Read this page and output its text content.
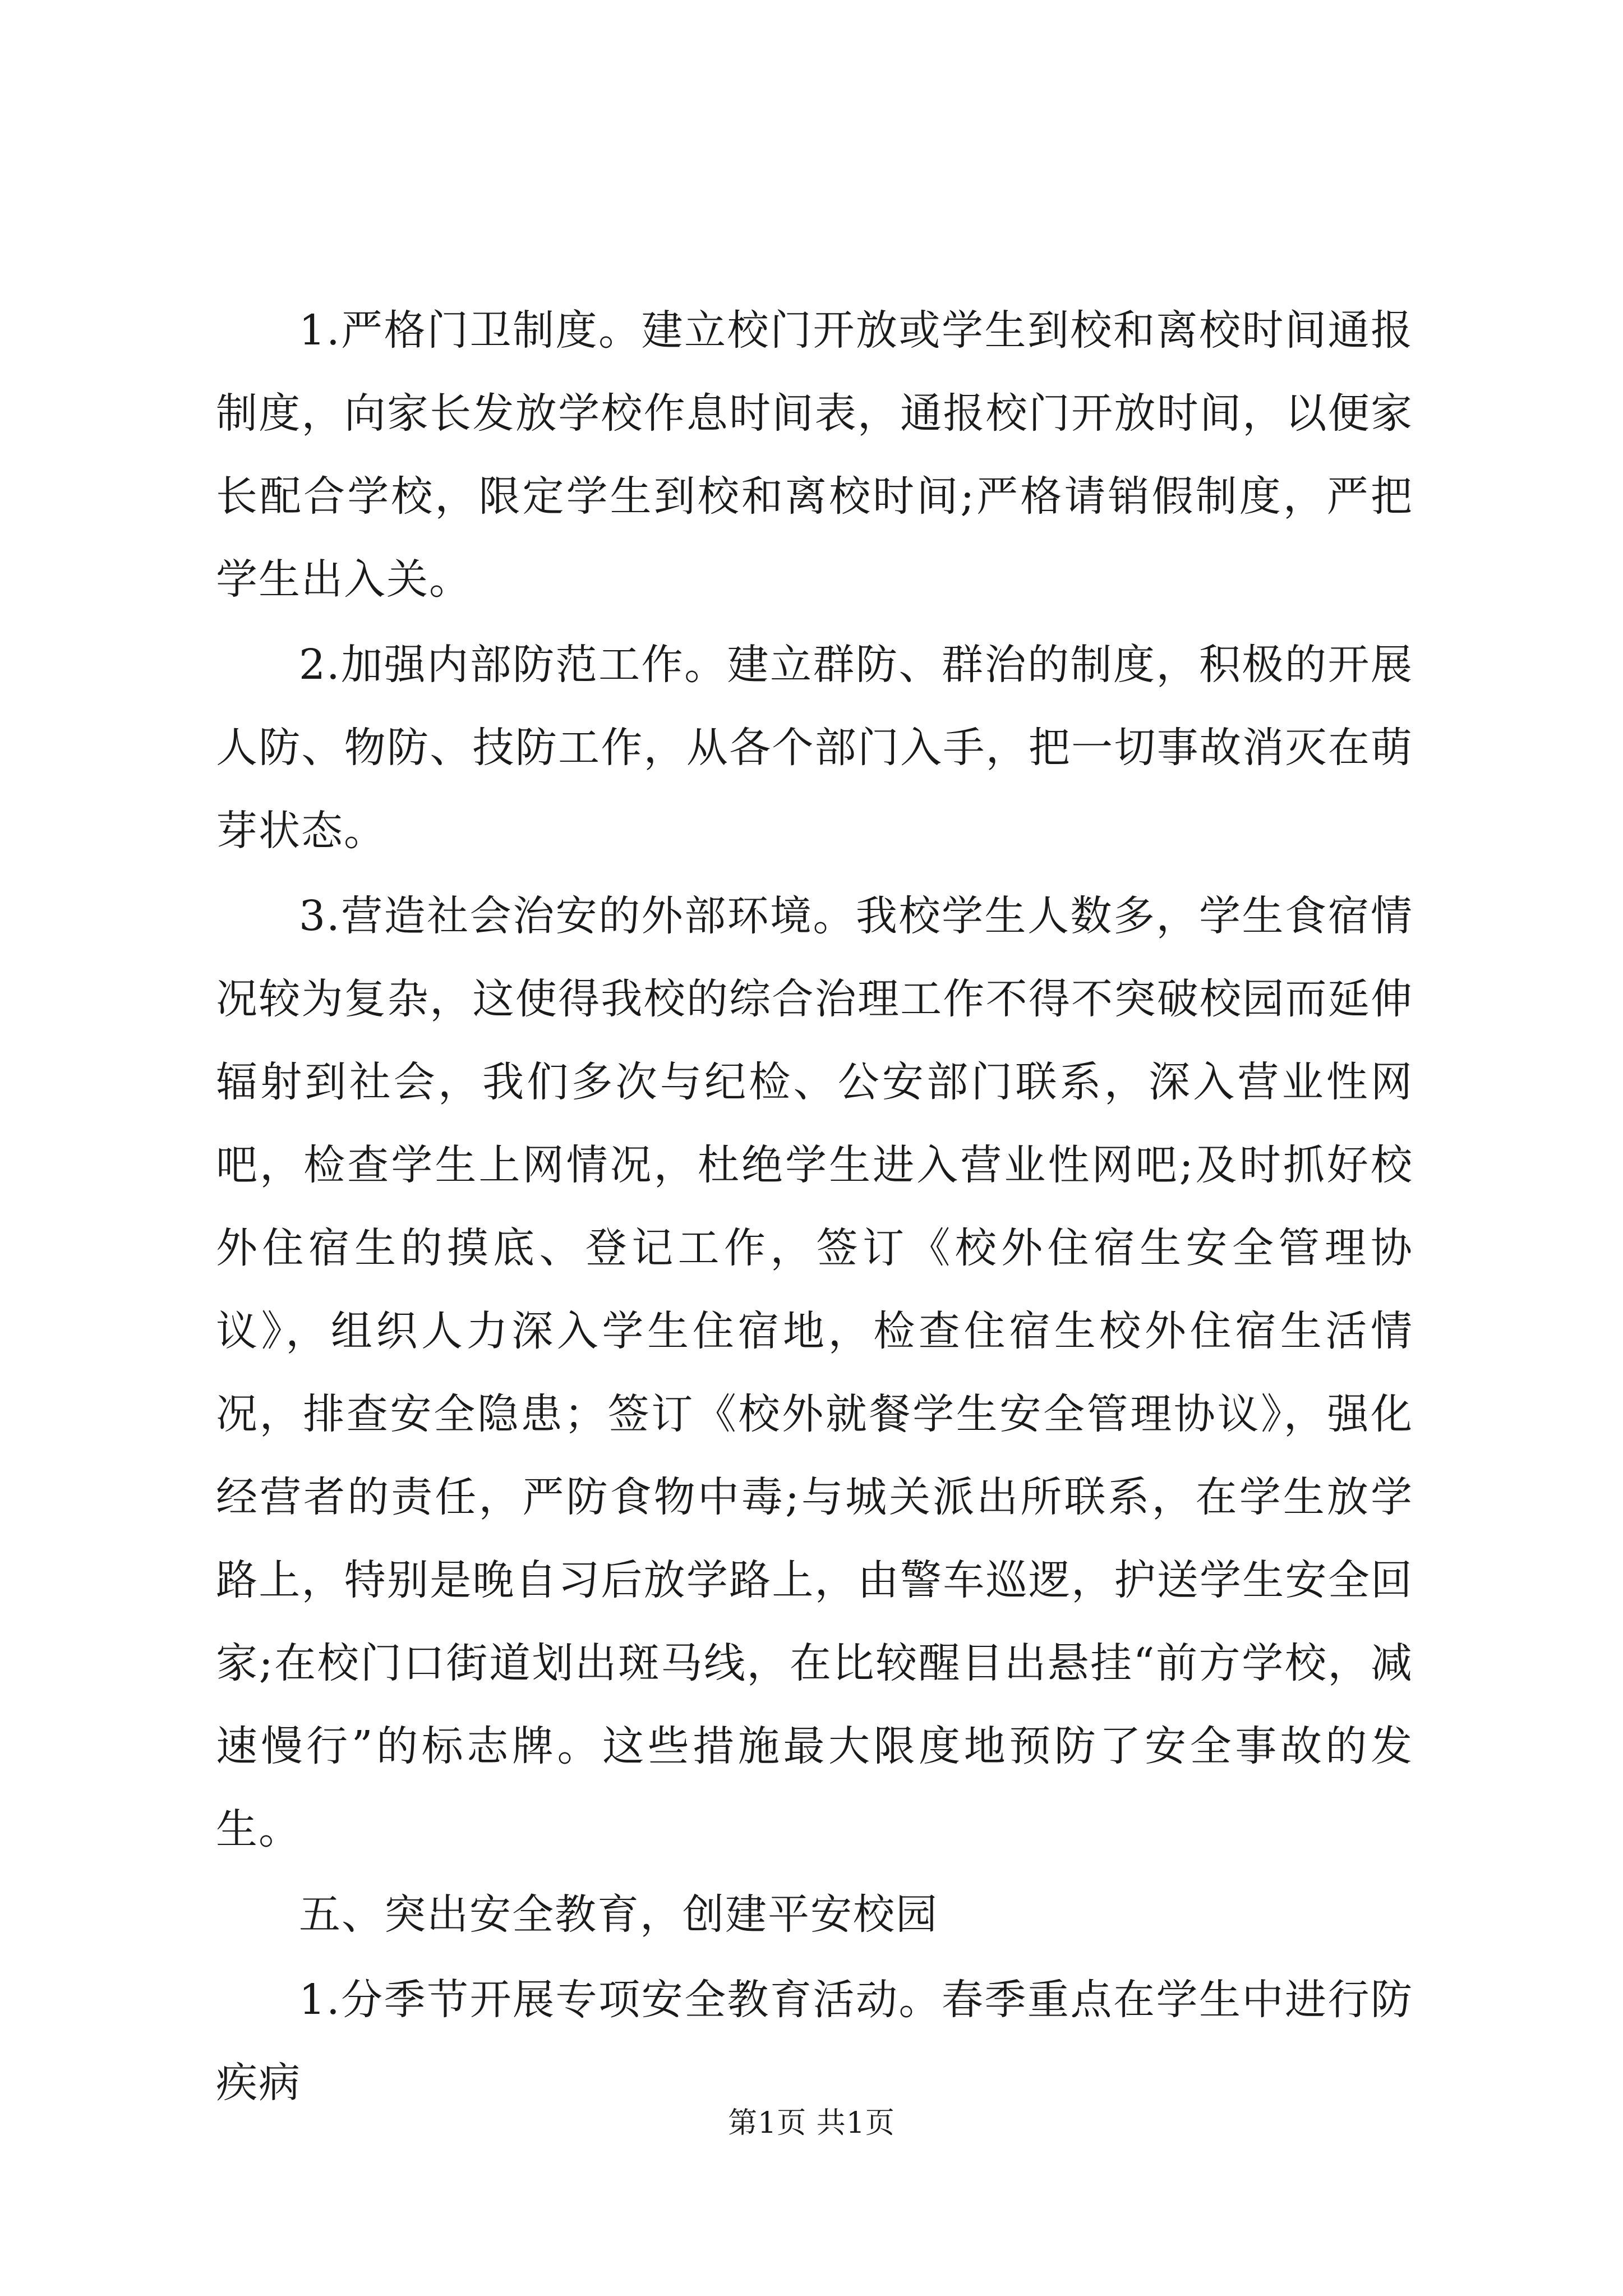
1.严格门卫制度。建立校门开放或学生到校和离校时间通报制度，向家长发放学校作息时间表，通报校门开放时间，以便家长配合学校，限定学生到校和离校时间;严格请销假制度，严把学生出入关。

2.加强内部防范工作。建立群防、群治的制度，积极的开展人防、物防、技防工作，从各个部门入手，把一切事故消灭在萌芽状态。

3.营造社会治安的外部环境。我校学生人数多，学生食宿情况较为复杂，这使得我校的综合治理工作不得不突破校园而延伸辐射到社会，我们多次与纪检、公安部门联系，深入营业性网吧，检查学生上网情况，杜绝学生进入营业性网吧;及时抓好校外住宿生的摸底、登记工作，签订《校外住宿生安全管理协议》，组织人力深入学生住宿地，检查住宿生校外住宿生活情况，排查安全隐患；签订《校外就餐学生安全管理协议》，强化经营者的责任，严防食物中毒;与城关派出所联系，在学生放学路上，特别是晚自习后放学路上，由警车巡逻，护送学生安全回家;在校门口街道划出斑马线，在比较醒目出悬挂“前方学校，减速慢行”的标志牌。这些措施最大限度地预防了安全事故的发生。

五、突出安全教育，创建平安校园

1.分季节开展专项安全教育活动。春季重点在学生中进行防疾病

第1页 共1页
